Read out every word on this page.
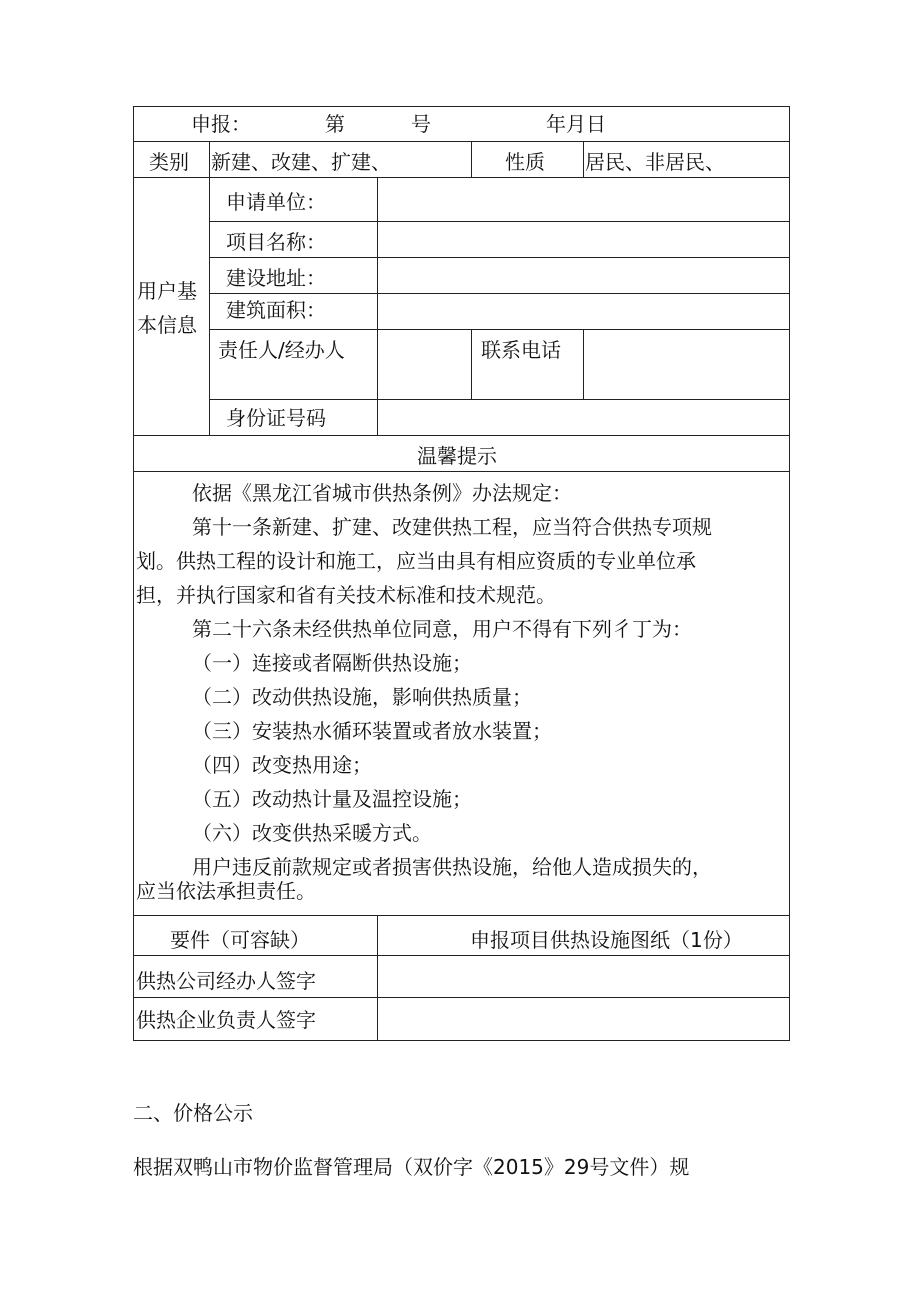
申报：	第	号	年月日
类别 新建、改建、扩建、	性质 居民、非居民、
用户基
本信息
申请单位：
项目名称：
建设地址：
建筑面积：
责任人/经办人	联系电话
身份证号码
温馨提示
依据《黑龙江省城市供热条例》办法规定：
第十一条新建、扩建、改建供热工程，应当符合供热专项规
划。供热工程的设计和施工，应当由具有相应资质的专业单位承
担，并执行国家和省有关技术标准和技术规范。
第二十六条未经供热单位同意，用户不得有下列彳丁为：
（一）连接或者隔断供热设施；
（二）改动供热设施，影响供热质量；
（三）安装热水循环装置或者放水装置；
（四）改变热用途；
（五）改动热计量及温控设施；
（六）改变供热采暖方式。
用户违反前款规定或者损害供热设施，给他人造成损失的，
应当依法承担责任。
要件（可容缺）	申报项目供热设施图纸（1份）
供热公司经办人签字
供热企业负责人签字
二、价格公示
根据双鸭山市物价监督管理局（双价字《2015》29号文件）规
